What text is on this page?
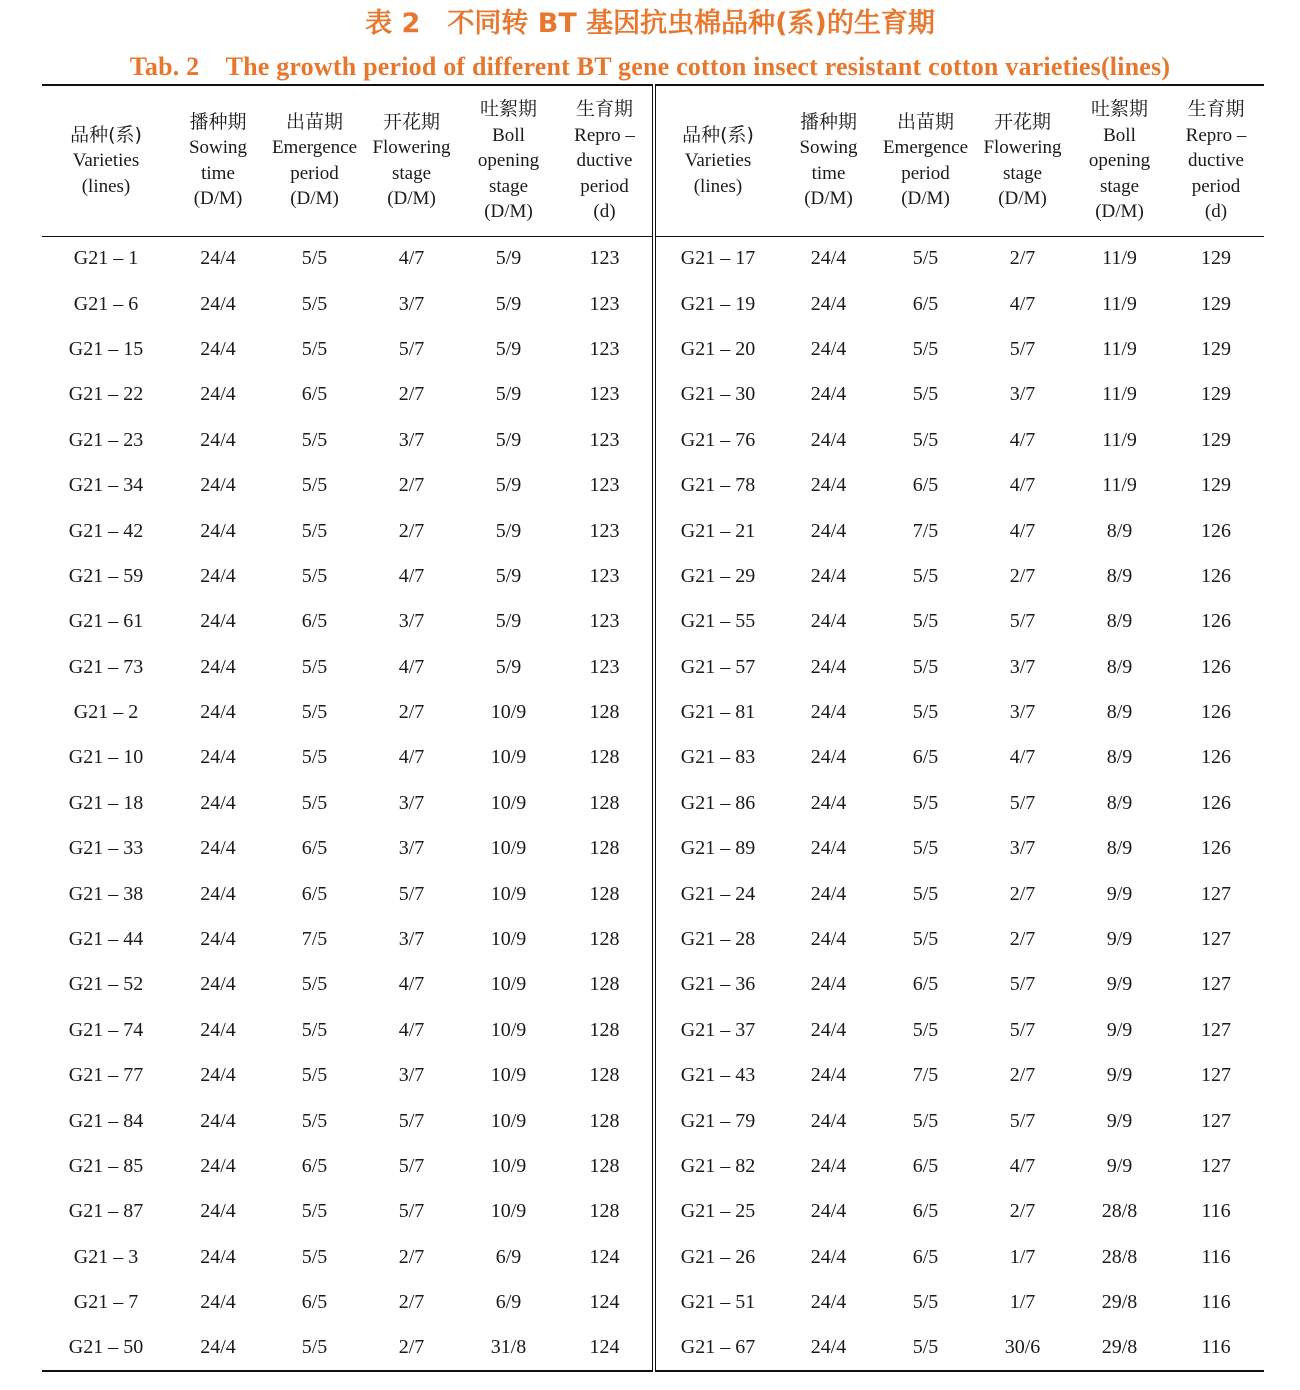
表 2　不同转 BT 基因抗虫棉品种(系)的生育期
Tab. 2　The growth period of different BT gene cotton insect resistant cotton varieties(lines)
品种(系)
Varieties
(lines)	播种期
Sowing
time
(D/M)	出苗期
Emergence
period
(D/M)	开花期
Flowering
stage
(D/M)	吐絮期
Boll
opening
stage
(D/M)	生育期
Repro –
ductive
period
(d)	品种(系)
Varieties
(lines)	播种期
Sowing
time
(D/M)	出苗期
Emergence
period
(D/M)	开花期
Flowering
stage
(D/M)	吐絮期
Boll
opening
stage
(D/M)	生育期
Repro –
ductive
period
(d)

G21 – 1	24/4	5/5	4/7	5/9	123	G21 – 17	24/4	5/5	2/7	11/9	129
G21 – 6	24/4	5/5	3/7	5/9	123	G21 – 19	24/4	6/5	4/7	11/9	129
G21 – 15	24/4	5/5	5/7	5/9	123	G21 – 20	24/4	5/5	5/7	11/9	129
G21 – 22	24/4	6/5	2/7	5/9	123	G21 – 30	24/4	5/5	3/7	11/9	129
G21 – 23	24/4	5/5	3/7	5/9	123	G21 – 76	24/4	5/5	4/7	11/9	129
G21 – 34	24/4	5/5	2/7	5/9	123	G21 – 78	24/4	6/5	4/7	11/9	129
G21 – 42	24/4	5/5	2/7	5/9	123	G21 – 21	24/4	7/5	4/7	8/9	126
G21 – 59	24/4	5/5	4/7	5/9	123	G21 – 29	24/4	5/5	2/7	8/9	126
G21 – 61	24/4	6/5	3/7	5/9	123	G21 – 55	24/4	5/5	5/7	8/9	126
G21 – 73	24/4	5/5	4/7	5/9	123	G21 – 57	24/4	5/5	3/7	8/9	126
G21 – 2	24/4	5/5	2/7	10/9	128	G21 – 81	24/4	5/5	3/7	8/9	126
G21 – 10	24/4	5/5	4/7	10/9	128	G21 – 83	24/4	6/5	4/7	8/9	126
G21 – 18	24/4	5/5	3/7	10/9	128	G21 – 86	24/4	5/5	5/7	8/9	126
G21 – 33	24/4	6/5	3/7	10/9	128	G21 – 89	24/4	5/5	3/7	8/9	126
G21 – 38	24/4	6/5	5/7	10/9	128	G21 – 24	24/4	5/5	2/7	9/9	127
G21 – 44	24/4	7/5	3/7	10/9	128	G21 – 28	24/4	5/5	2/7	9/9	127
G21 – 52	24/4	5/5	4/7	10/9	128	G21 – 36	24/4	6/5	5/7	9/9	127
G21 – 74	24/4	5/5	4/7	10/9	128	G21 – 37	24/4	5/5	5/7	9/9	127
G21 – 77	24/4	5/5	3/7	10/9	128	G21 – 43	24/4	7/5	2/7	9/9	127
G21 – 84	24/4	5/5	5/7	10/9	128	G21 – 79	24/4	5/5	5/7	9/9	127
G21 – 85	24/4	6/5	5/7	10/9	128	G21 – 82	24/4	6/5	4/7	9/9	127
G21 – 87	24/4	5/5	5/7	10/9	128	G21 – 25	24/4	6/5	2/7	28/8	116
G21 – 3	24/4	5/5	2/7	6/9	124	G21 – 26	24/4	6/5	1/7	28/8	116
G21 – 7	24/4	6/5	2/7	6/9	124	G21 – 51	24/4	5/5	1/7	29/8	116
G21 – 50	24/4	5/5	2/7	31/8	124	G21 – 67	24/4	5/5	30/6	29/8	116
